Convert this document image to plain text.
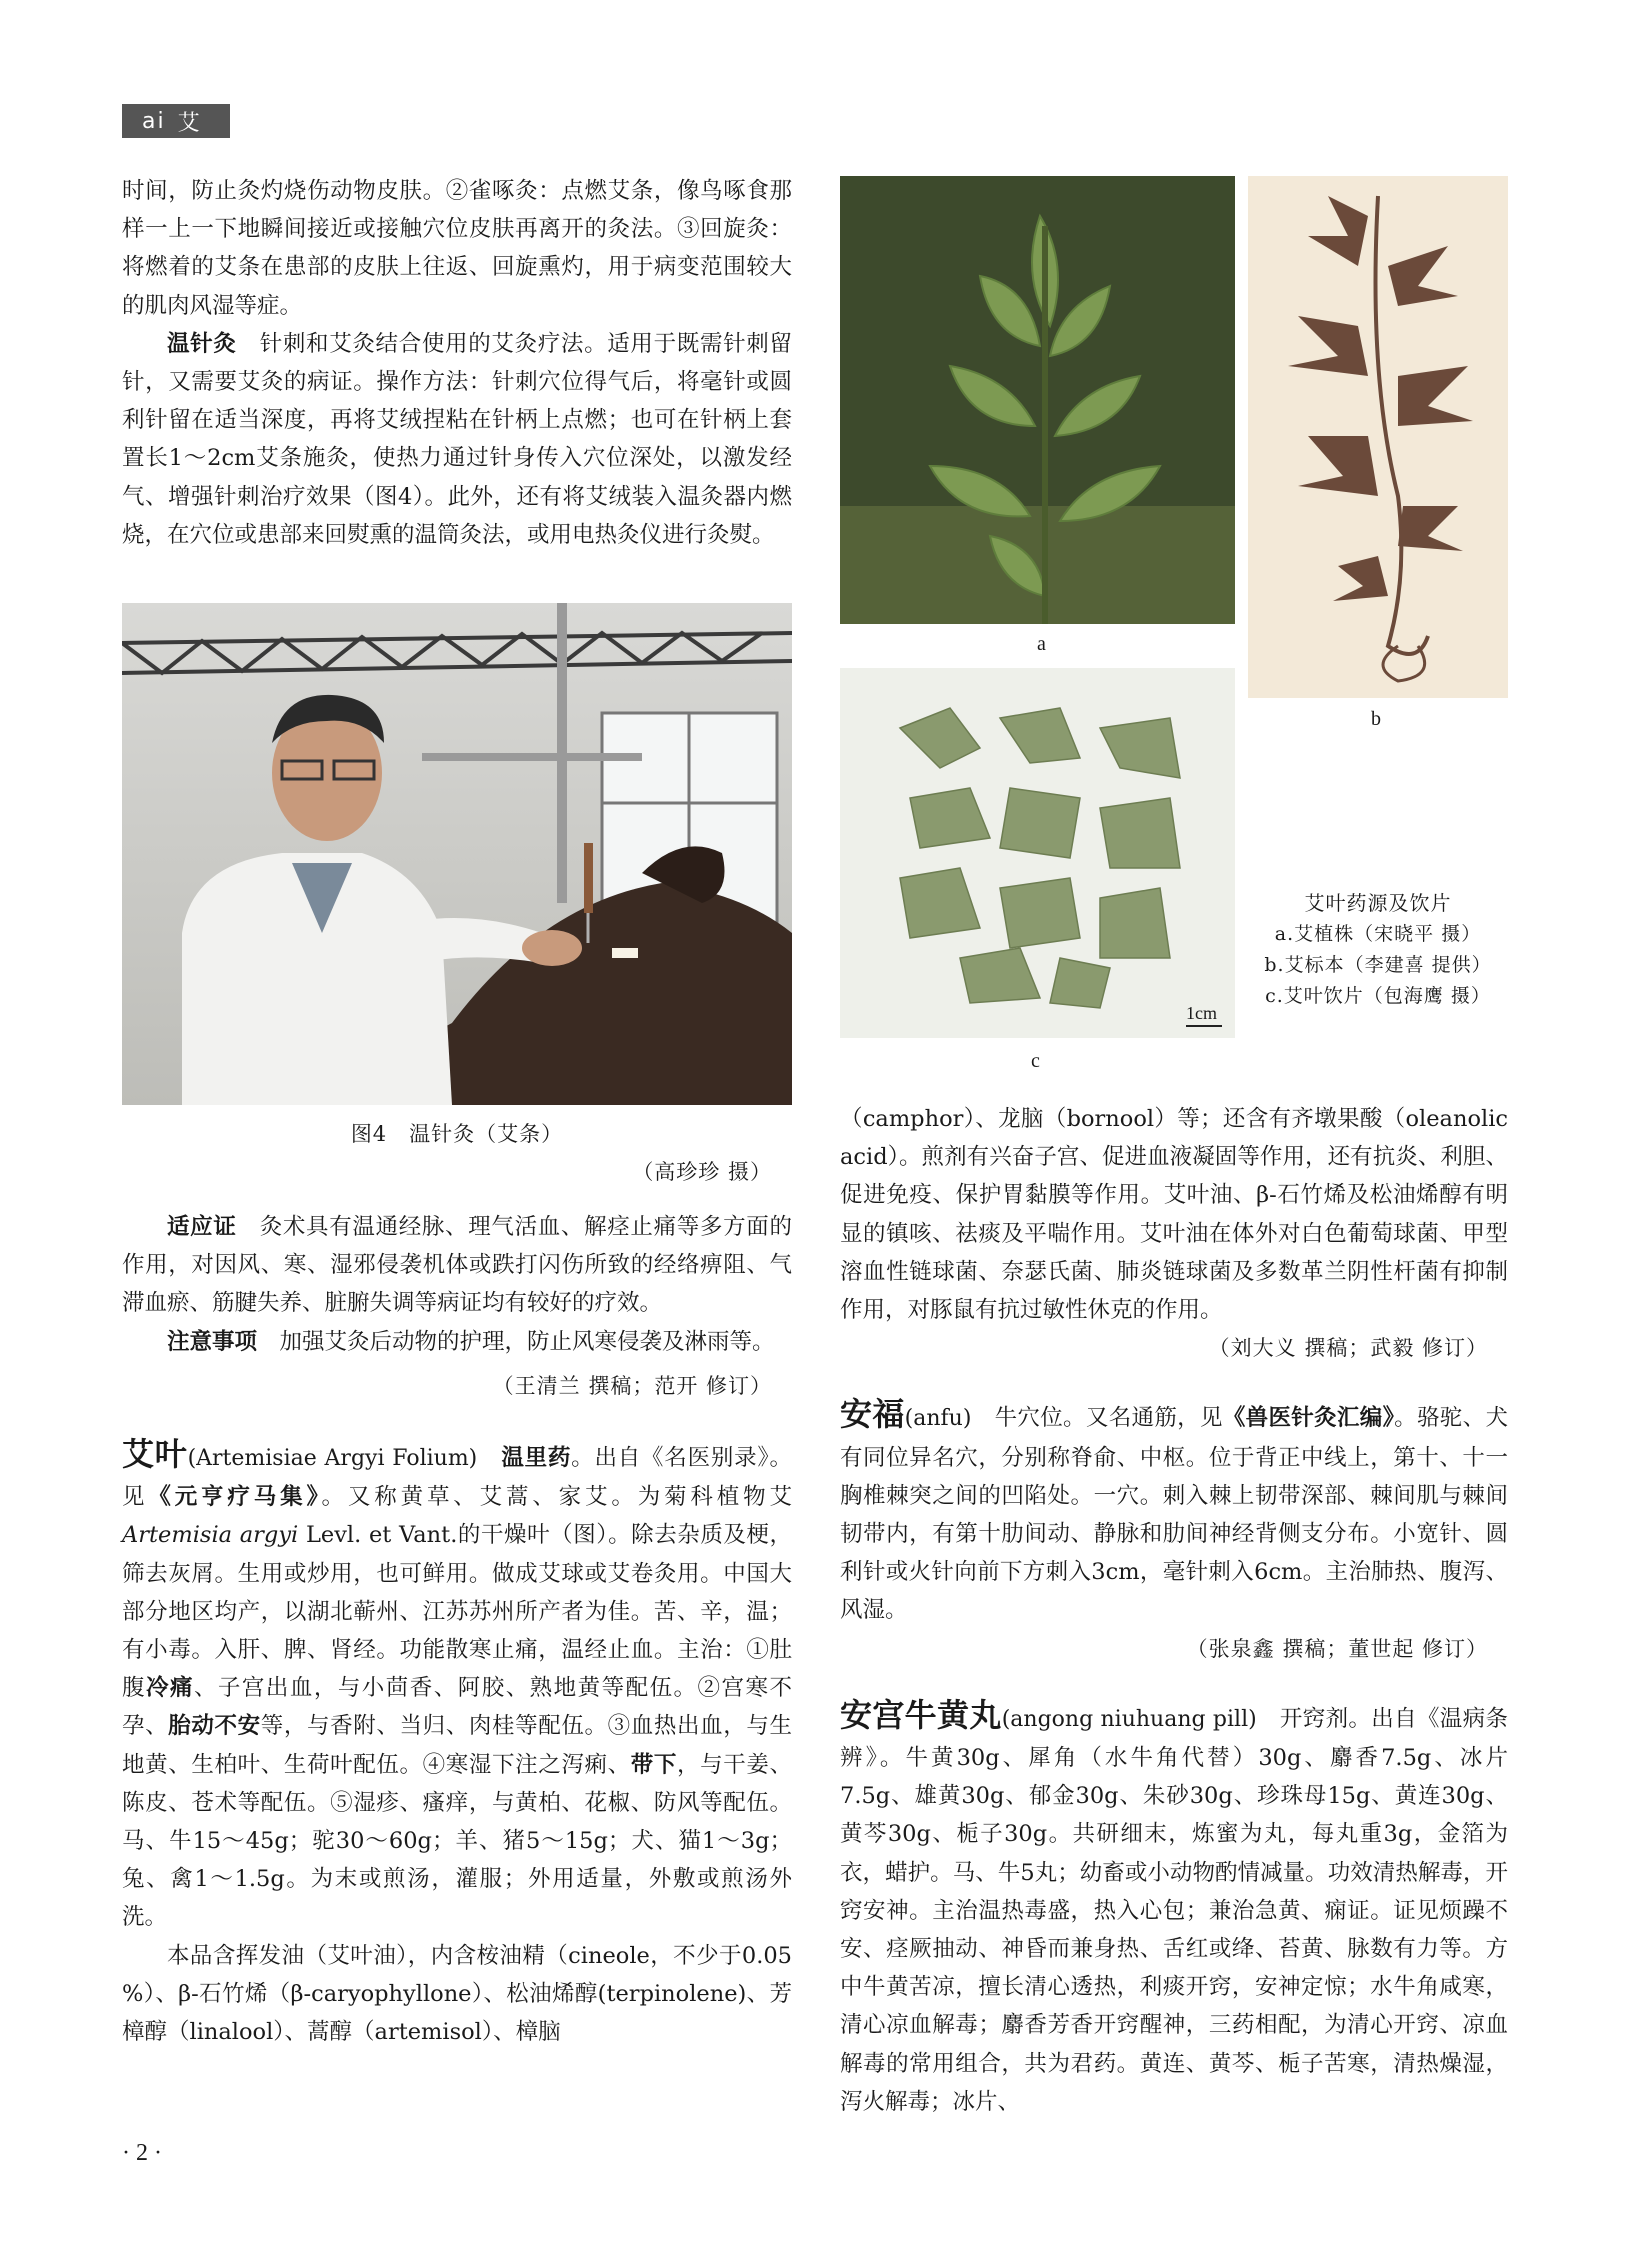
ai 艾

时间，防止灸灼烧伤动物皮肤。②雀啄灸：点燃艾条，像鸟啄食那样一上一下地瞬间接近或接触穴位皮肤再离开的灸法。③回旋灸：将燃着的艾条在患部的皮肤上往返、回旋熏灼，用于病变范围较大的肌肉风湿等症。

温针灸　 针刺和艾灸结合使用的艾灸疗法。适用于既需针刺留针，又需要艾灸的病证。操作方法：针刺穴位得气后，将毫针或圆利针留在适当深度，再将艾绒捏粘在针柄上点燃；也可在针柄上套置长1～2cm艾条施灸，使热力通过针身传入穴位深处，以激发经气、增强针刺治疗效果（图4）。此外，还有将艾绒装入温灸器内燃烧，在穴位或患部来回熨熏的温筒灸法，或用电热灸仪进行灸熨。

图4　温针灸（艾条）
（高珍珍 摄）

适应证　 灸术具有温通经脉、理气活血、解痉止痛等多方面的作用，对因风、寒、湿邪侵袭机体或跌打闪伤所致的经络痹阻、气滞血瘀、筋腱失养、脏腑失调等病证均有较好的疗效。

注意事项　 加强艾灸后动物的护理，防止风寒侵袭及淋雨等。

（王清兰 撰稿；范开 修订）

艾叶(Artemisiae Argyi Folium)　 温里药。出自《名医别录》。见《元亨疗马集》。又称黄草、艾蒿、家艾。为菊科植物艾Artemisia argyi Levl. et Vant.的干燥叶（图）。除去杂质及梗，筛去灰屑。生用或炒用，也可鲜用。做成艾球或艾卷灸用。中国大部分地区均产，以湖北蕲州、江苏苏州所产者为佳。苦、辛，温；有小毒。入肝、脾、肾经。功能散寒止痛，温经止血。主治：①肚腹冷痛、子宫出血，与小茴香、阿胶、熟地黄等配伍。②宫寒不孕、胎动不安等，与香附、当归、肉桂等配伍。③血热出血，与生地黄、生柏叶、生荷叶配伍。④寒湿下注之泻痢、带下，与干姜、陈皮、苍术等配伍。⑤湿疹、瘙痒，与黄柏、花椒、防风等配伍。马、牛15～45g；驼30～60g；羊、猪5～15g；犬、猫1～3g；兔、禽1～1.5g。为末或煎汤，灌服；外用适量，外敷或煎汤外洗。

本品含挥发油（艾叶油），内含桉油精（cineole，不少于0.05 %）、β-石竹烯（β-caryophyllone）、松油烯醇(terpinolene)、芳樟醇（linalool）、蒿醇（artemisol）、樟脑

a
b
1cm
c
艾叶药源及饮片
a.艾植株（宋晓平 摄）
b.艾标本（李建喜 提供）
c.艾叶饮片（包海鹰 摄）

（camphor）、龙脑（bornool）等；还含有齐墩果酸（oleanolic acid）。煎剂有兴奋子宫、促进血液凝固等作用，还有抗炎、利胆、促进免疫、保护胃黏膜等作用。艾叶油、β-石竹烯及松油烯醇有明显的镇咳、祛痰及平喘作用。艾叶油在体外对白色葡萄球菌、甲型溶血性链球菌、奈瑟氏菌、肺炎链球菌及多数革兰阴性杆菌有抑制作用，对豚鼠有抗过敏性休克的作用。

（刘大义 撰稿；武毅 修订）

安福(anfu)　 牛穴位。又名通筋，见《兽医针灸汇编》。骆驼、犬有同位异名穴，分别称脊俞、中枢。位于背正中线上，第十、十一胸椎棘突之间的凹陷处。一穴。刺入棘上韧带深部、棘间肌与棘间韧带内，有第十肋间动、静脉和肋间神经背侧支分布。小宽针、圆利针或火针向前下方刺入3cm，毫针刺入6cm。主治肺热、腹泻、风湿。

（张泉鑫 撰稿；董世起 修订）

安宫牛黄丸(angong niuhuang pill)　 开窍剂。出自《温病条辨》。牛黄30g、犀角（水牛角代替）30g、麝香7.5g、冰片7.5g、雄黄30g、郁金30g、朱砂30g、珍珠母15g、黄连30g、黄芩30g、栀子30g。共研细末，炼蜜为丸，每丸重3g，金箔为衣，蜡护。马、牛5丸；幼畜或小动物酌情减量。功效清热解毒，开窍安神。主治温热毒盛，热入心包；兼治急黄、痫证。证见烦躁不安、痉厥抽动、神昏而兼身热、舌红或绛、苔黄、脉数有力等。方中牛黄苦凉，擅长清心透热，利痰开窍，安神定惊；水牛角咸寒，清心凉血解毒；麝香芳香开窍醒神，三药相配，为清心开窍、凉血解毒的常用组合，共为君药。黄连、黄芩、栀子苦寒，清热燥湿，泻火解毒；冰片、

· 2 ·
